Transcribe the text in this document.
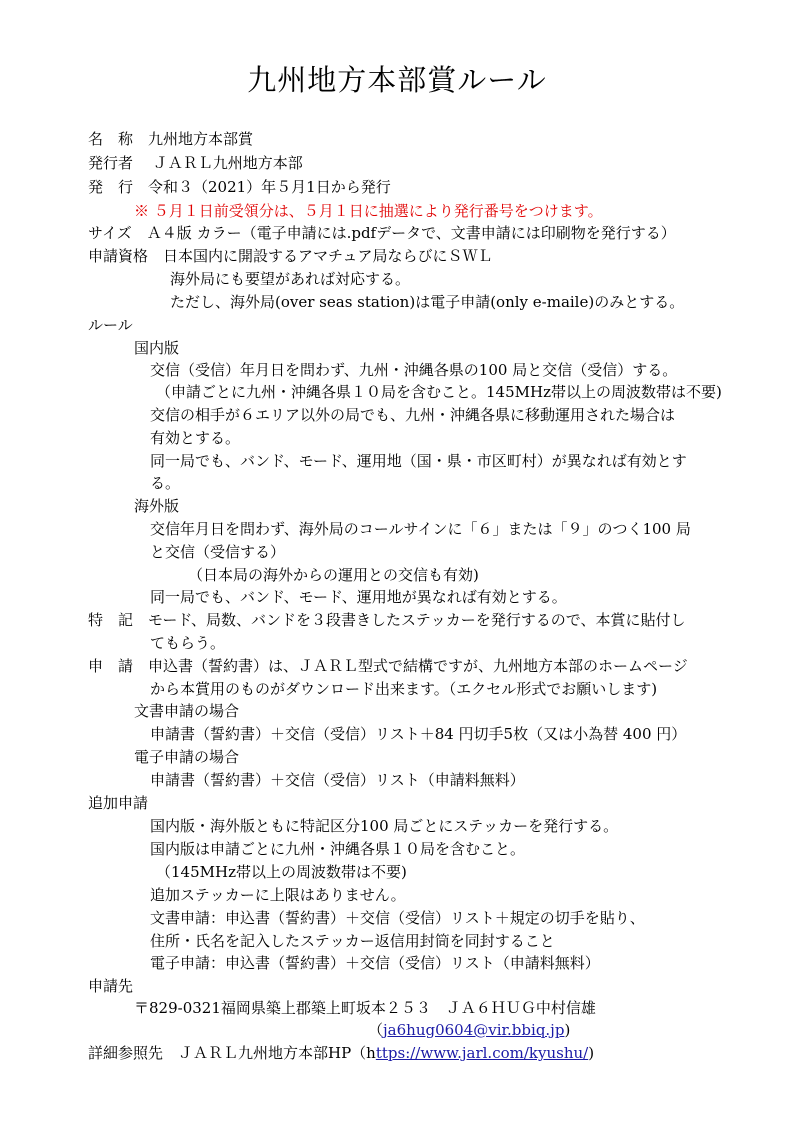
九州地方本部賞ルール
名　称　九州地方本部賞
発行者　 ＪＡＲＬ九州地方本部
発　行　令和３（2021）年５月1日から発行
※ ５月１日前受領分は、５月１日に抽選により発行番号をつけます。
サイズ　Ａ４版 カラー（電子申請には.pdfデータで、文書申請には印刷物を発行する）
申請資格　日本国内に開設するアマチュア局ならびにＳＷＬ
海外局にも要望があれば対応する。
ただし、海外局(over seas station)は電子申請(only e-maile)のみとする。
ルール
国内版
交信（受信）年月日を問わず、九州・沖縄各県の100 局と交信（受信）する。
（申請ごとに九州・沖縄各県１０局を含むこと。145MHz帯以上の周波数帯は不要)
交信の相手が６エリア以外の局でも、九州・沖縄各県に移動運用された場合は
有効とする。
同一局でも、バンド、モード、運用地（国・県・市区町村）が異なれば有効とす
る。
海外版
交信年月日を問わず、海外局のコールサインに「６」または「９」のつく100 局
と交信（受信する）
（日本局の海外からの運用との交信も有効)
同一局でも、バンド、モード、運用地が異なれば有効とする。
特　記　モード、局数、バンドを３段書きしたステッカーを発行するので、本賞に貼付し
てもらう。
申　請　申込書（誓約書）は、ＪＡＲＬ型式で結構ですが、九州地方本部のホームページ
から本賞用のものがダウンロード出来ます。（エクセル形式でお願いします)
文書申請の場合
申請書（誓約書）＋交信（受信）リスト＋84 円切手5枚（又は小為替 400 円）
電子申請の場合
申請書（誓約書）＋交信（受信）リスト（申請料無料）
追加申請
国内版・海外版ともに特記区分100 局ごとにステッカーを発行する。
国内版は申請ごとに九州・沖縄各県１０局を含むこと。
（145MHz帯以上の周波数帯は不要)
追加ステッカーに上限はありません。
文書申請：申込書（誓約書）＋交信（受信）リスト＋規定の切手を貼り、
住所・氏名を記入したステッカー返信用封筒を同封すること
電子申請：申込書（誓約書）＋交信（受信）リスト（申請料無料）
申請先
〒829-0321福岡県築上郡築上町坂本２５３　ＪＡ６ＨＵＧ中村信雄
（ja6hug0604@vir.bbiq.jp)
詳細参照先　ＪＡＲＬ九州地方本部HP（https://www.jarl.com/kyushu/)
